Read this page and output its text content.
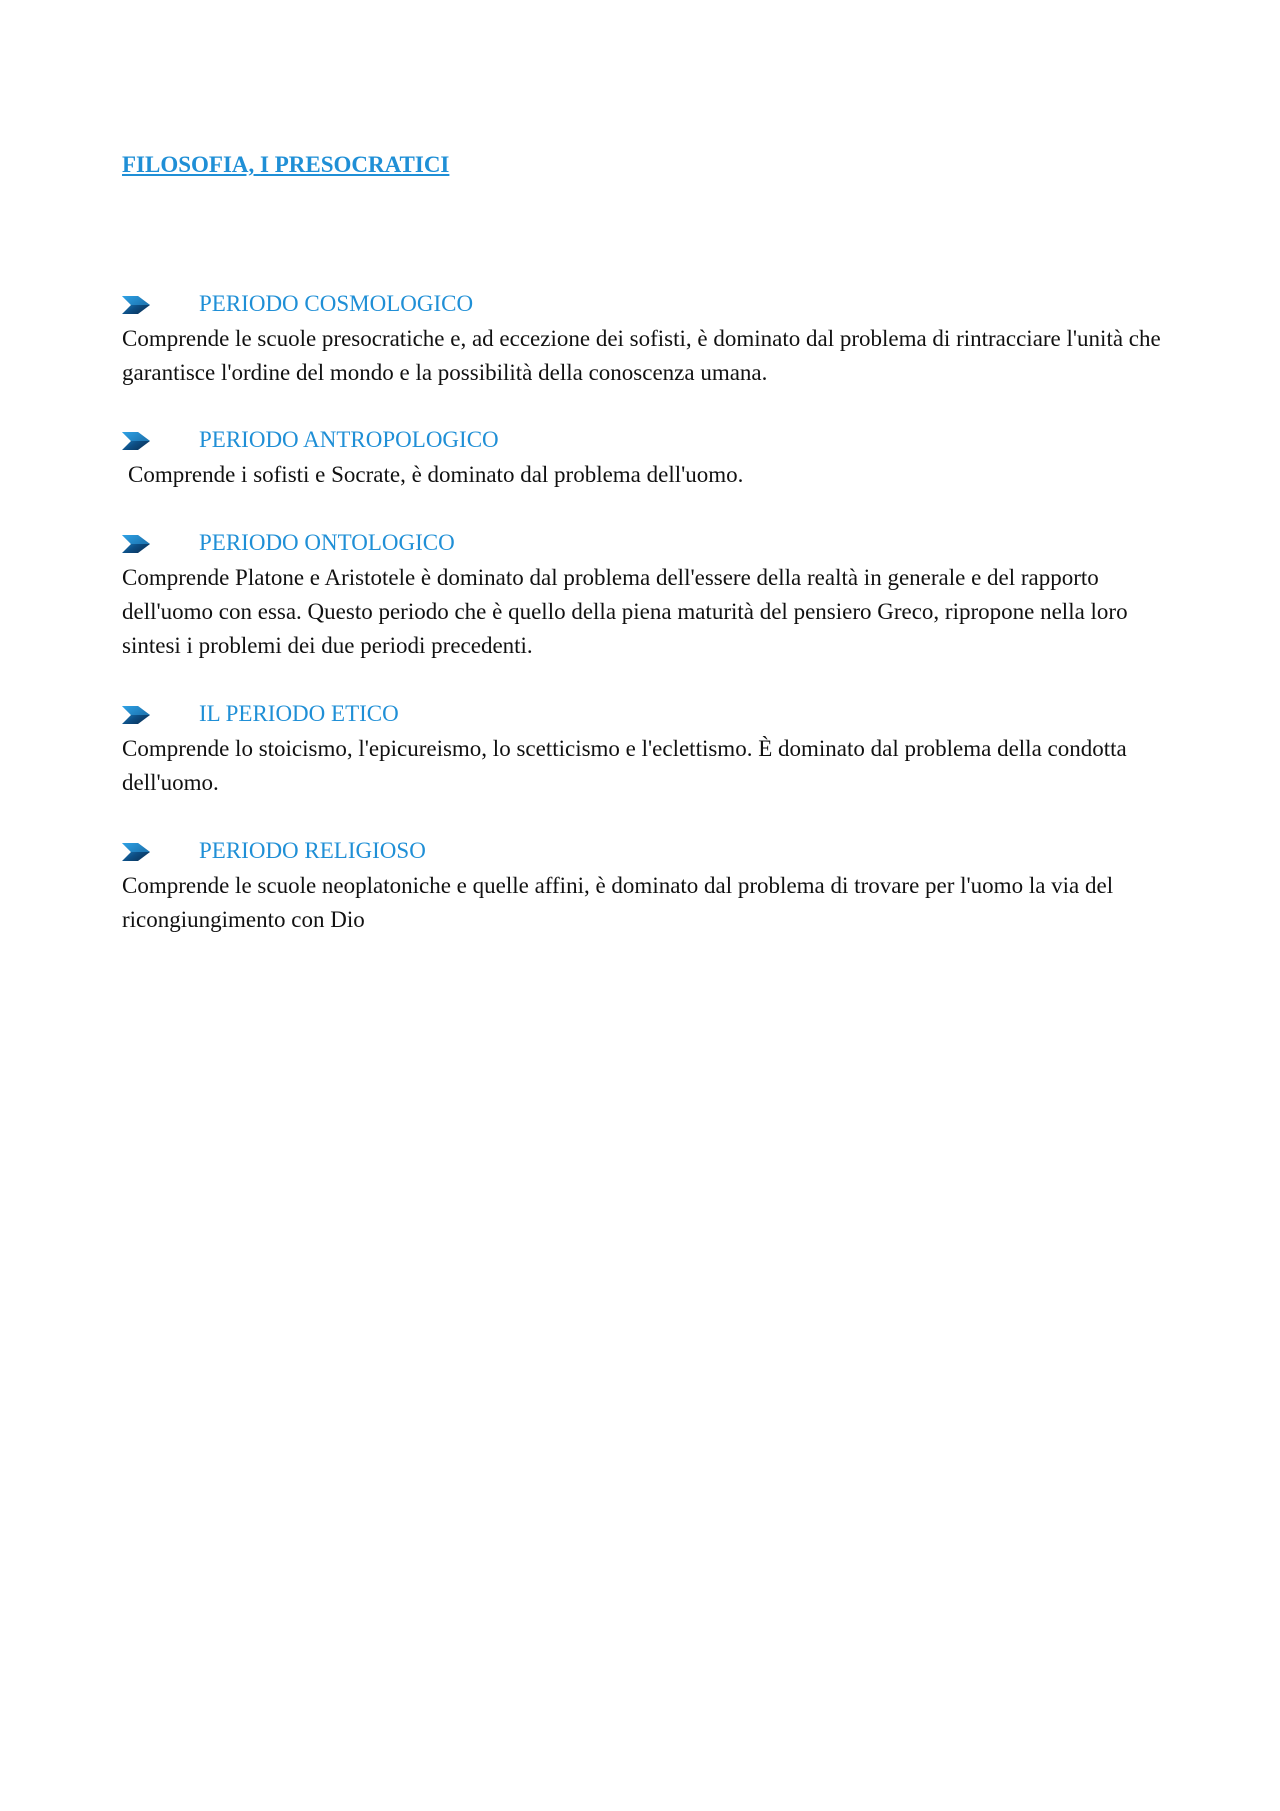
FILOSOFIA, I PRESOCRATICI
PERIODO COSMOLOGICO

Comprende le scuole presocratiche e, ad eccezione dei sofisti, è dominato dal problema di rintracciare l'unità che garantisce l'ordine del mondo e la possibilità della conoscenza umana.

PERIODO ANTROPOLOGICO

Comprende i sofisti e Socrate, è dominato dal problema dell'uomo.

PERIODO ONTOLOGICO

Comprende Platone e Aristotele è dominato dal problema dell'essere della realtà in generale e del rapporto dell'uomo con essa. Questo periodo che è quello della piena maturità del pensiero Greco, ripropone nella loro sintesi i problemi dei due periodi precedenti.

IL PERIODO ETICO

Comprende lo stoicismo, l'epicureismo, lo scetticismo e l'eclettismo. È dominato dal problema della condotta dell'uomo.

PERIODO RELIGIOSO

Comprende le scuole neoplatoniche e quelle affini, è dominato dal problema di trovare per l'uomo la via del ricongiungimento con Dio
